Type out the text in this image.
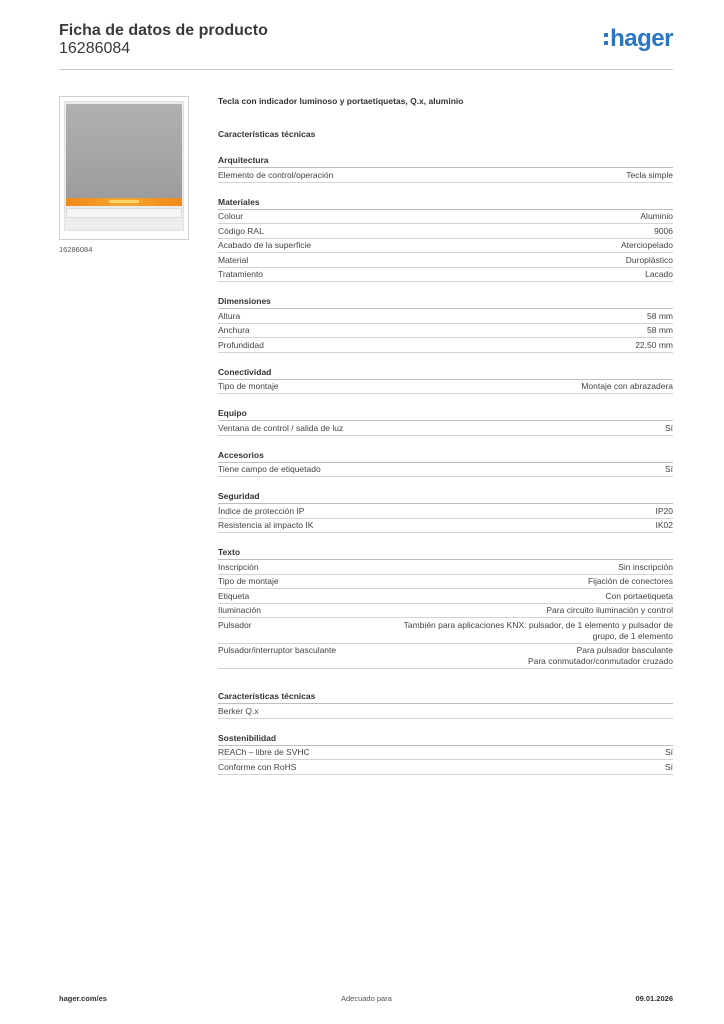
Ficha de datos de producto
16286084	hager
16286084
Tecla con indicador luminoso y portaetiquetas, Q.x, aluminio
Características técnicas
Arquitectura
Elemento de control/operación	Tecla simple
Materiales
Colour	Aluminio
Código RAL	9006
Acabado de la superficie	Aterciopelado
Material	Duroplástico
Tratamiento	Lacado
Dimensiones
Altura	58 mm
Anchura	58 mm
Profundidad	22,50 mm
Conectividad
Tipo de montaje	Montaje con abrazadera
Equipo
Ventana de control / salida de luz	Sí
Accesorios
Tiene campo de etiquetado	Sí
Seguridad
Índice de protección IP	IP20
Resistencia al impacto IK	IK02
Texto
Inscripción	Sin inscripción
Tipo de montaje	Fijación de conectores
Etiqueta	Con portaetiqueta
Iluminación	Para circuito iluminación y control
Pulsador	También para aplicaciones KNX: pulsador, de 1 elemento y pulsador de
grupo, de 1 elemento
Pulsador/interruptor basculante	Para pulsador basculante
Para conmutador/conmutador cruzado
Características técnicas
Berker Q.x
Sostenibilidad
REACh – libre de SVHC	Sí
Conforme con RoHS	Sí
hager.com/es	Adecuado para	09.01.2026
